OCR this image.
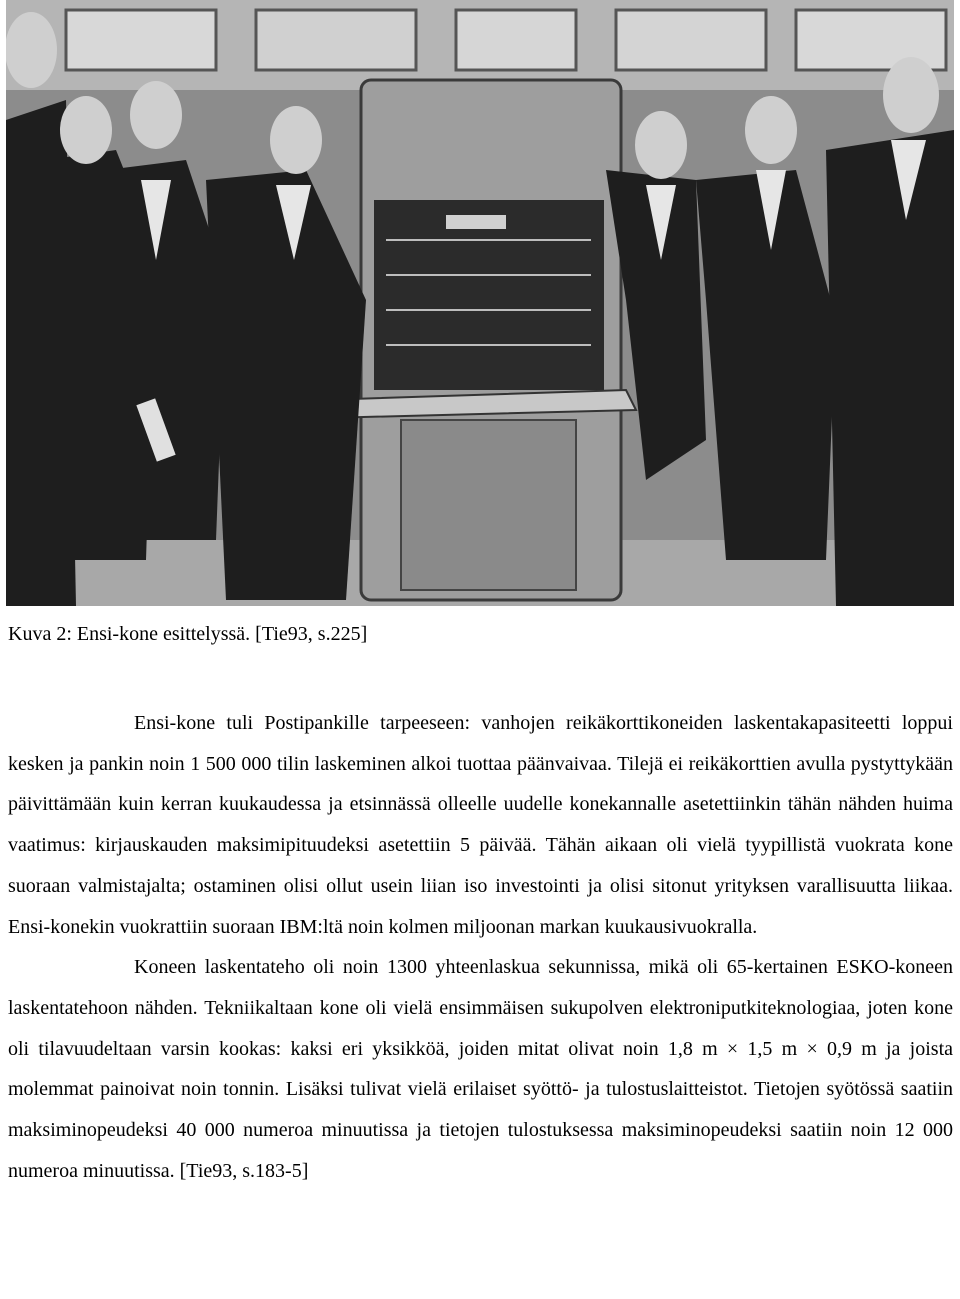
Kuva 2: Ensi-kone esittelyssä. [Tie93, s.225]

Ensi-kone tuli Postipankille tarpeeseen: vanhojen reikäkorttikoneiden laskentakapasiteetti loppui kesken ja pankin noin 1 500 000 tilin laskeminen alkoi tuottaa päänvaivaa. Tilejä ei reikäkorttien avulla pystyttykään päivittämään kuin kerran kuukaudessa ja etsinnässä olleelle uudelle konekannalle asetettiinkin tähän nähden huima vaatimus: kirjauskauden maksimipituudeksi asetettiin 5 päivää. Tähän aikaan oli vielä tyypillistä vuokrata kone suoraan valmistajalta; ostaminen olisi ollut usein liian iso investointi ja olisi sitonut yrityksen varallisuutta liikaa. Ensi-konekin vuokrattiin suoraan IBM:ltä noin kolmen miljoonan markan kuukausivuokralla.

Koneen laskentateho oli noin 1300 yhteenlaskua sekunnissa, mikä oli 65-kertainen ESKO-koneen laskentatehoon nähden. Tekniikaltaan kone oli vielä ensimmäisen sukupolven elektroniputkiteknologiaa, joten kone oli tilavuudeltaan varsin kookas: kaksi eri yksikköä, joiden mitat olivat noin 1,8 m × 1,5 m × 0,9 m ja joista molemmat painoivat noin tonnin. Lisäksi tulivat vielä erilaiset syöttö- ja tulostuslaitteistot. Tietojen syötössä saatiin maksiminopeudeksi 40 000 numeroa minuutissa ja tietojen tulostuksessa maksiminopeudeksi saatiin noin 12 000 numeroa minuutissa. [Tie93, s.183-5]
